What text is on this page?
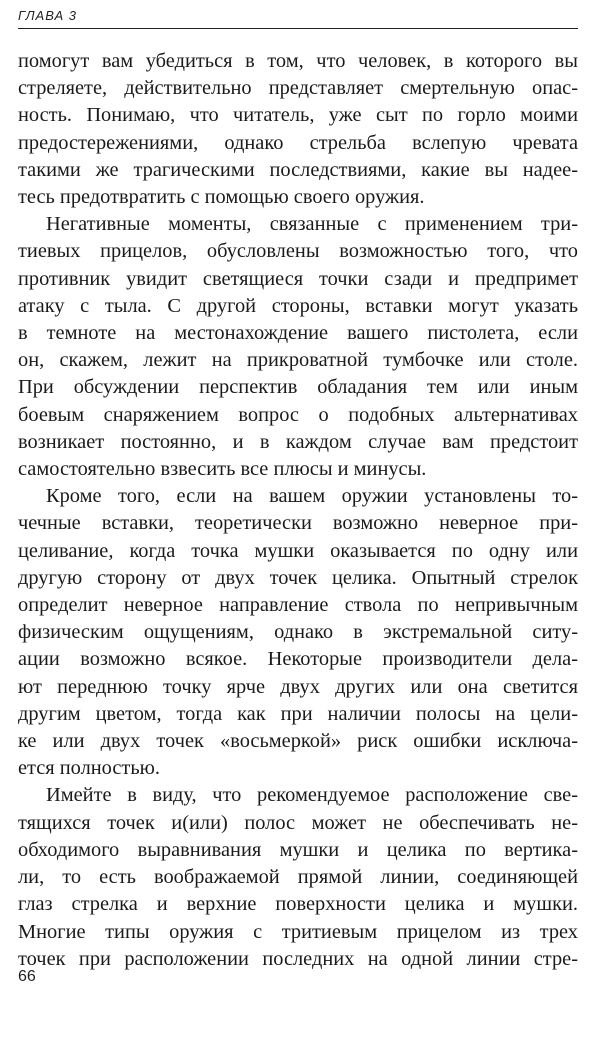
ГЛАВА 3

помогут вам убедиться в том, что человек, в которого вы
стреляете, действительно представляет смертельную опас-
ность. Понимаю, что читатель, уже сыт по горло моими
предостережениями, однако стрельба вслепую чревата
такими же трагическими последствиями, какие вы надее-
тесь предотвратить с помощью своего оружия.

Негативные моменты, связанные с применением три-
тиевых прицелов, обусловлены возможностью того, что
противник увидит светящиеся точки сзади и предпримет
атаку с тыла. С другой стороны, вставки могут указать
в темноте на местонахождение вашего пистолета, если
он, скажем, лежит на прикроватной тумбочке или столе.
При обсуждении перспектив обладания тем или иным
боевым снаряжением вопрос о подобных альтернативах
возникает постоянно, и в каждом случае вам предстоит
самостоятельно взвесить все плюсы и минусы.

Кроме того, если на вашем оружии установлены то-
чечные вставки, теоретически возможно неверное при-
целивание, когда точка мушки оказывается по одну или
другую сторону от двух точек целика. Опытный стрелок
определит неверное направление ствола по непривычным
физическим ощущениям, однако в экстремальной ситу-
ации возможно всякое. Некоторые производители дела-
ют переднюю точку ярче двух других или она светится
другим цветом, тогда как при наличии полосы на цели-
ке или двух точек «восьмеркой» риск ошибки исключа-
ется полностью.

Имейте в виду, что рекомендуемое расположение све-
тящихся точек и(или) полос может не обеспечивать не-
обходимого выравнивания мушки и целика по вертика-
ли, то есть воображаемой прямой линии, соединяющей
глаз стрелка и верхние поверхности целика и мушки.
Многие типы оружия с тритиевым прицелом из трех
точек при расположении последних на одной линии стре-

66
